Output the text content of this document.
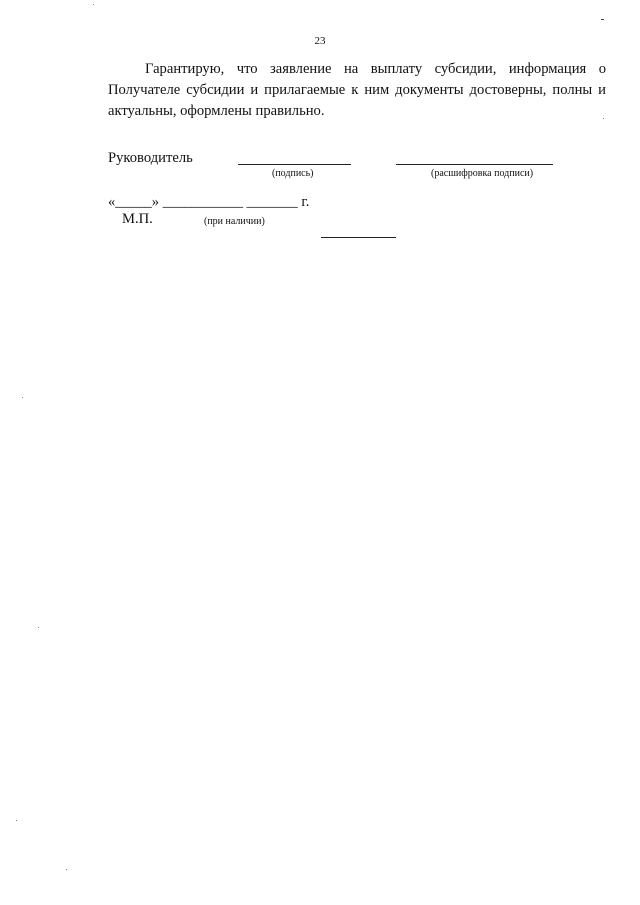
23

Гарантирую, что заявление на выплату субсидии, информация о Получателе субсидии и прилагаемые к ним документы достоверны, полны и актуальны, оформлены правильно.

Руководитель
(подпись)	(расшифровка подписи)
«_____» ___________ _______ г.
М.П.	(при наличии)
